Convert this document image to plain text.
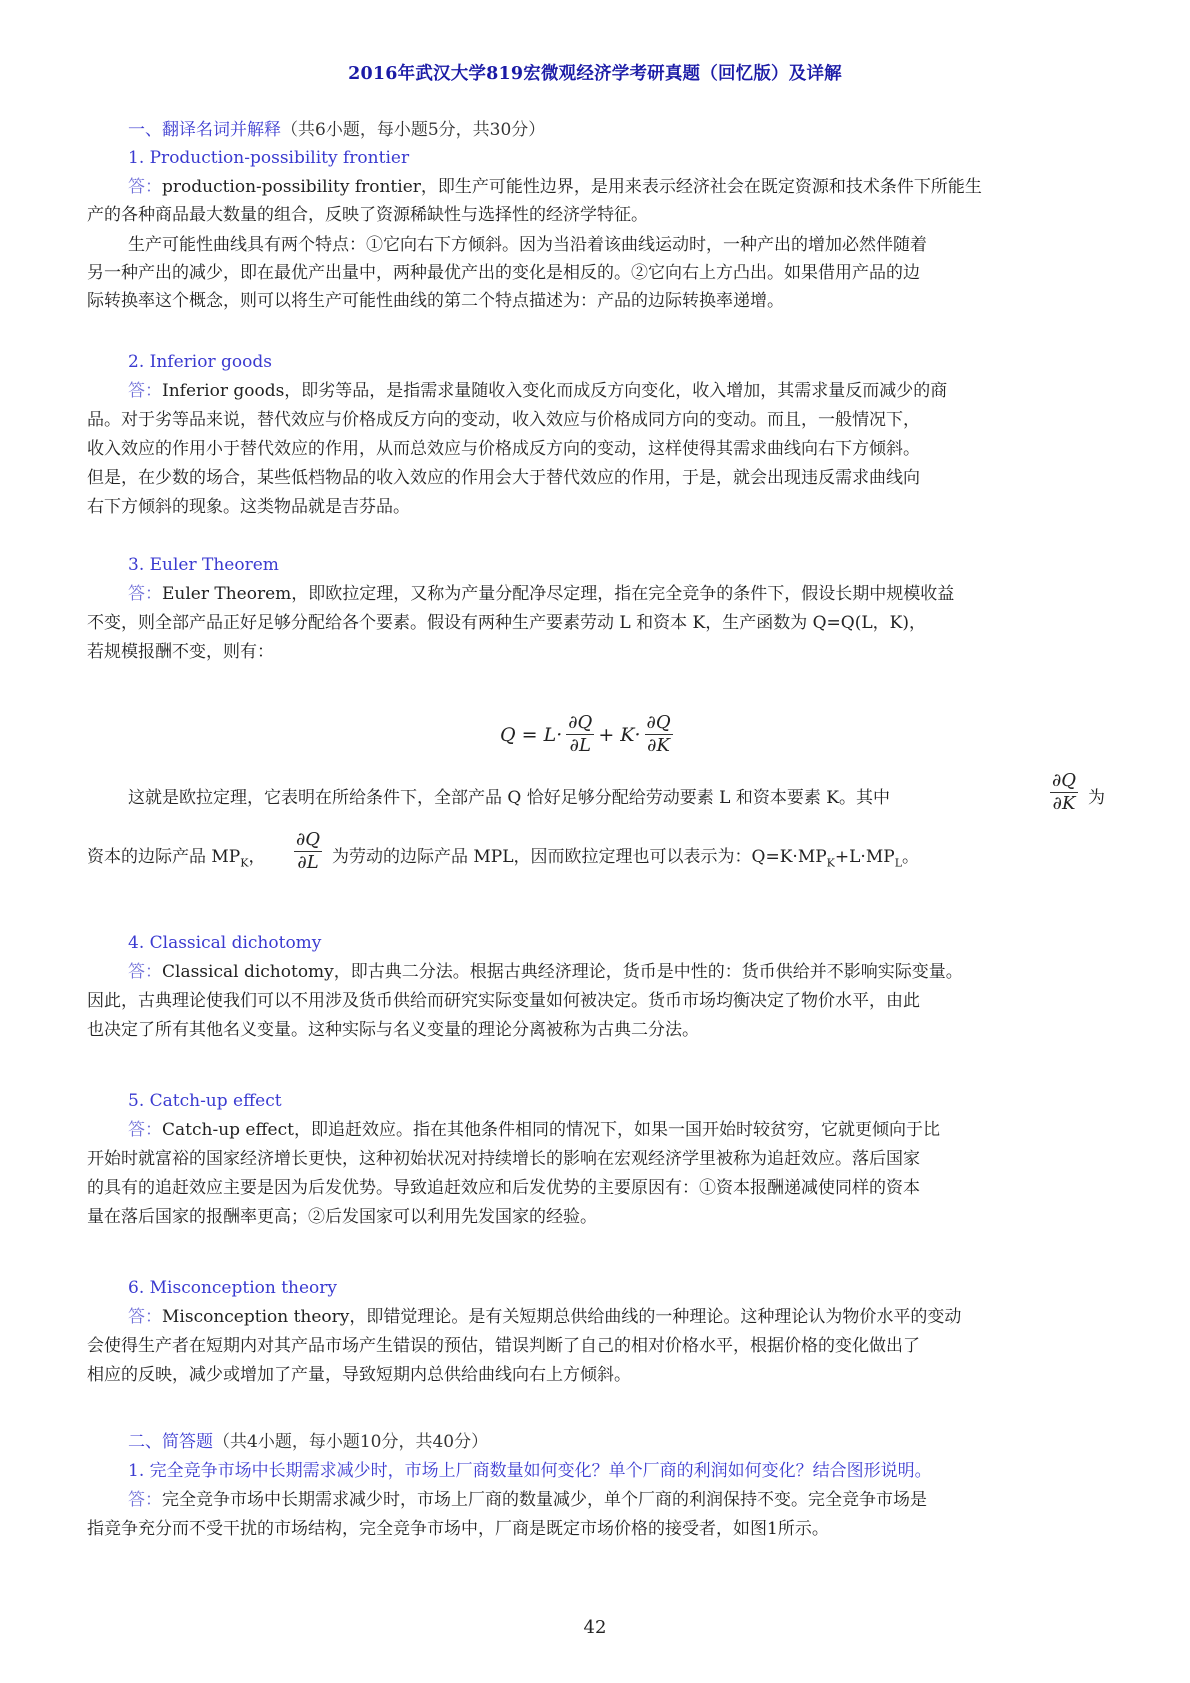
2016年武汉大学819宏微观经济学考研真题（回忆版）及详解
一、翻译名词并解释（共6小题，每小题5分，共30分）
1. Production-possibility frontier
答：production-possibility frontier，即生产可能性边界，是用来表示经济社会在既定资源和技术条件下所能生
产的各种商品最大数量的组合，反映了资源稀缺性与选择性的经济学特征。
生产可能性曲线具有两个特点：①它向右下方倾斜。因为当沿着该曲线运动时，一种产出的增加必然伴随着
另一种产出的减少，即在最优产出量中，两种最优产出的变化是相反的。②它向右上方凸出。如果借用产品的边
际转换率这个概念，则可以将生产可能性曲线的第二个特点描述为：产品的边际转换率递增。
2. Inferior goods
答：Inferior goods，即劣等品，是指需求量随收入变化而成反方向变化，收入增加，其需求量反而减少的商
品。对于劣等品来说，替代效应与价格成反方向的变动，收入效应与价格成同方向的变动。而且，一般情况下，
收入效应的作用小于替代效应的作用，从而总效应与价格成反方向的变动，这样使得其需求曲线向右下方倾斜。
但是，在少数的场合，某些低档物品的收入效应的作用会大于替代效应的作用，于是，就会出现违反需求曲线向
右下方倾斜的现象。这类物品就是吉芬品。
3. Euler Theorem
答：Euler Theorem，即欧拉定理，又称为产量分配净尽定理，指在完全竞争的条件下，假设长期中规模收益
不变，则全部产品正好足够分配给各个要素。假设有两种生产要素劳动 L 和资本 K，生产函数为 Q=Q(L，K)，
若规模报酬不变，则有：
$Q = L\cdot \frac{\partial Q}{\partial L} + K\cdot \frac{\partial Q}{\partial K}$
这就是欧拉定理，它表明在所给条件下，全部产品 Q 恰好足够分配给劳动要素 L 和资本要素 K。其中	$\frac{\partial Q}{\partial K}$ 为
资本的边际产品 $MP_K$， $\frac{\partial Q}{\partial L}$ 为劳动的边际产品 MPL，因而欧拉定理也可以表示为：$Q=K\cdot MP_K+L\cdot MP_L$。
4. Classical dichotomy
答：Classical dichotomy，即古典二分法。根据古典经济理论，货币是中性的：货币供给并不影响实际变量。
因此，古典理论使我们可以不用涉及货币供给而研究实际变量如何被决定。货币市场均衡决定了物价水平，由此
也决定了所有其他名义变量。这种实际与名义变量的理论分离被称为古典二分法。
5. Catch-up effect
答：Catch-up effect，即追赶效应。指在其他条件相同的情况下，如果一国开始时较贫穷，它就更倾向于比
开始时就富裕的国家经济增长更快，这种初始状况对持续增长的影响在宏观经济学里被称为追赶效应。落后国家
的具有的追赶效应主要是因为后发优势。导致追赶效应和后发优势的主要原因有：①资本报酬递减使同样的资本
量在落后国家的报酬率更高；②后发国家可以利用先发国家的经验。
6. Misconception theory
答：Misconception theory，即错觉理论。是有关短期总供给曲线的一种理论。这种理论认为物价水平的变动
会使得生产者在短期内对其产品市场产生错误的预估，错误判断了自己的相对价格水平，根据价格的变化做出了
相应的反映，减少或增加了产量，导致短期内总供给曲线向右上方倾斜。
二、简答题（共4小题，每小题10分，共40分）
1. 完全竞争市场中长期需求减少时，市场上厂商数量如何变化？单个厂商的利润如何变化？结合图形说明。
答：完全竞争市场中长期需求减少时，市场上厂商的数量减少，单个厂商的利润保持不变。完全竞争市场是
指竞争充分而不受干扰的市场结构，完全竞争市场中，厂商是既定市场价格的接受者，如图1所示。
42
